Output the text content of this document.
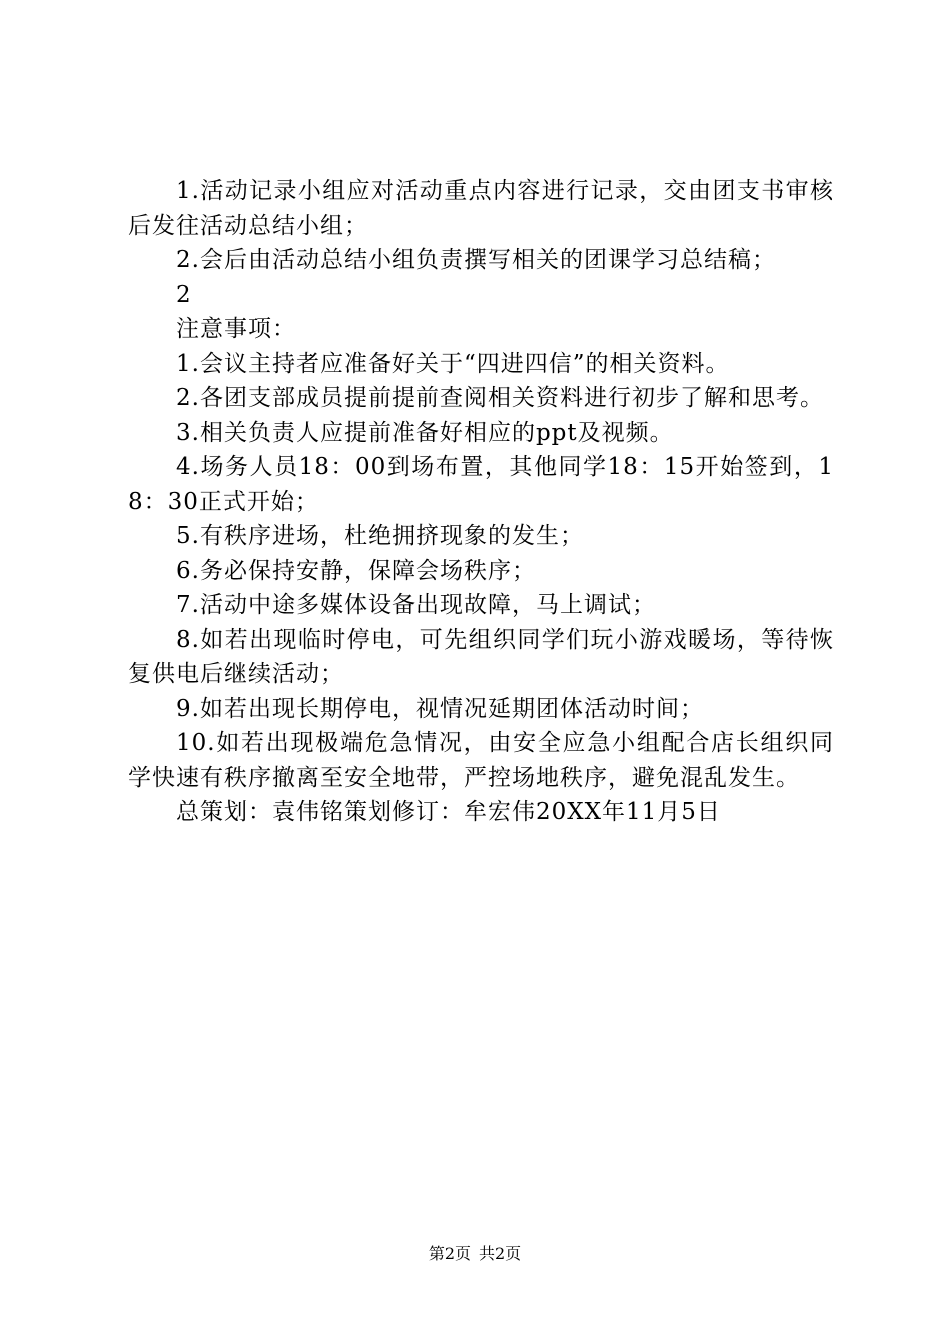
1.活动记录小组应对活动重点内容进行记录，交由团支书审核后发往活动总结小组；

2.会后由活动总结小组负责撰写相关的团课学习总结稿；

2

注意事项：

1.会议主持者应准备好关于“四进四信”的相关资料。

2.各团支部成员提前提前查阅相关资料进行初步了解和思考。

3.相关负责人应提前准备好相应的ppt及视频。

4.场务人员18：00到场布置，其他同学18：15开始签到，18：30正式开始；

5.有秩序进场，杜绝拥挤现象的发生；

6.务必保持安静，保障会场秩序；

7.活动中途多媒体设备出现故障，马上调试；

8.如若出现临时停电，可先组织同学们玩小游戏暖场，等待恢复供电后继续活动；

9.如若出现长期停电，视情况延期团体活动时间；

10.如若出现极端危急情况，由安全应急小组配合店长组织同学快速有秩序撤离至安全地带，严控场地秩序，避免混乱发生。

总策划：袁伟铭策划修订：牟宏伟20XX年11月5日

第2页 共2页
